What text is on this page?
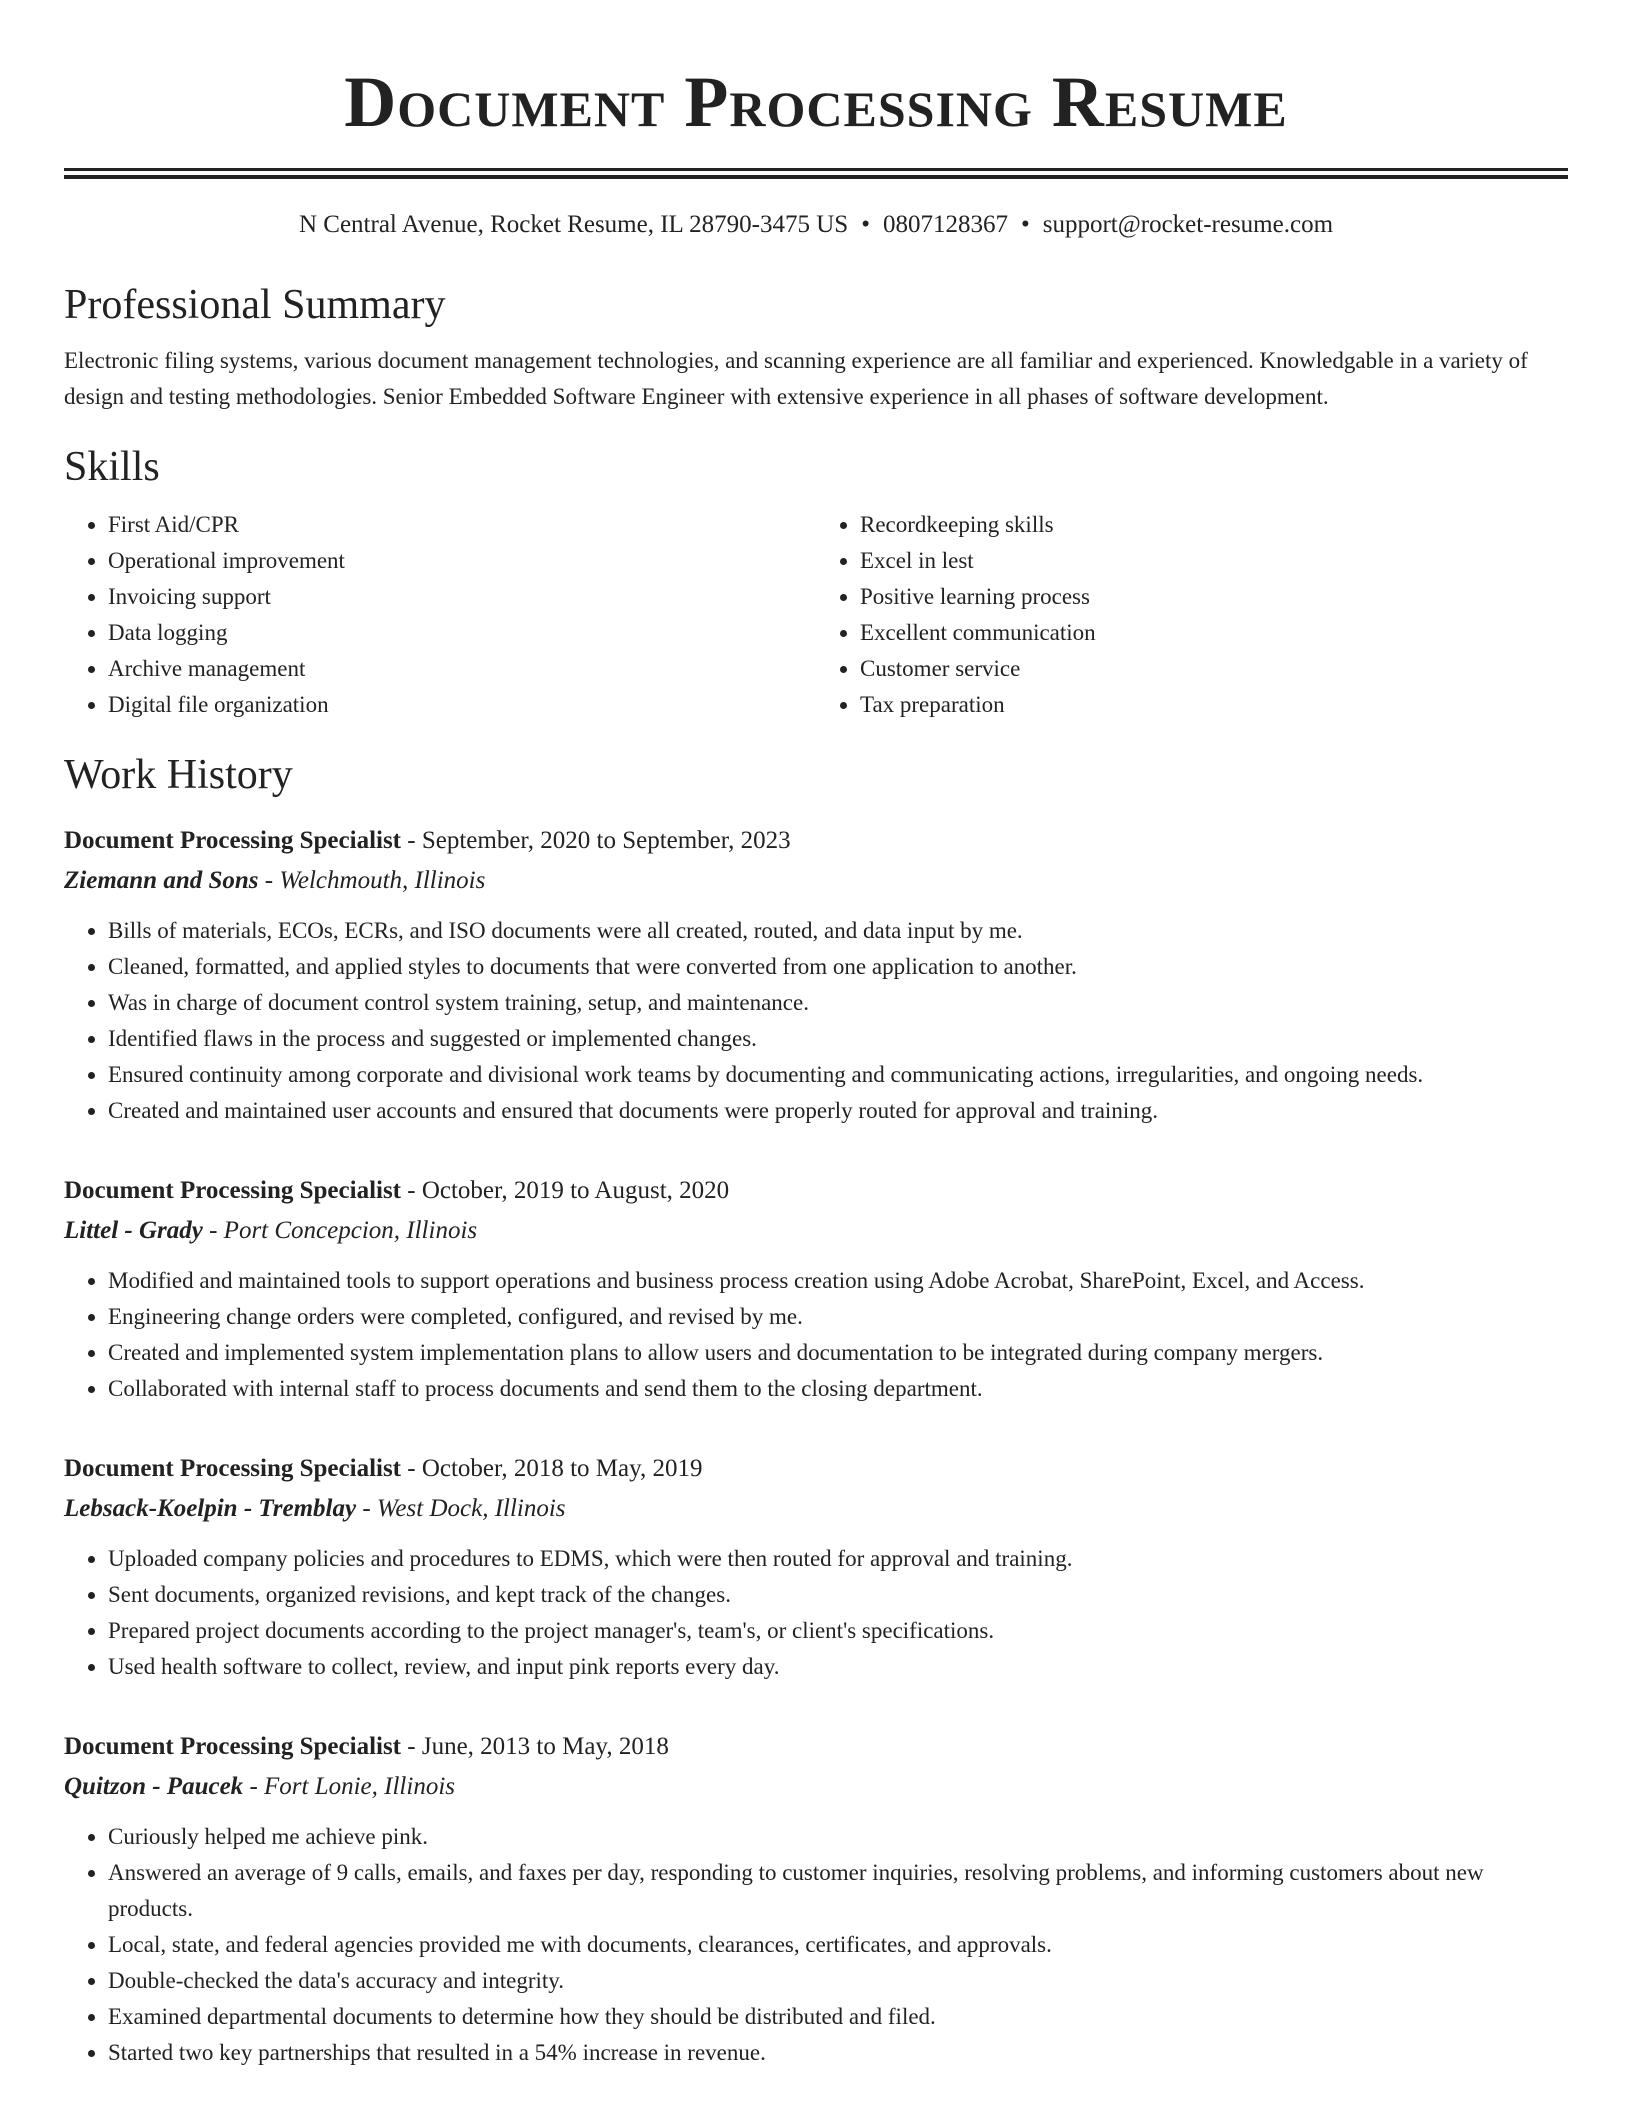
Document Processing Resume
N Central Avenue, Rocket Resume, IL 28790-3475 US • 0807128367 • support@rocket-resume.com
Professional Summary

Electronic filing systems, various document management technologies, and scanning experience are all familiar and experienced. Knowledgable in a variety of design and testing methodologies. Senior Embedded Software Engineer with extensive experience in all phases of software development.

Skills
• First Aid/CPR
• Operational improvement
• Invoicing support
• Data logging
• Archive management
• Digital file organization
• Recordkeeping skills
• Excel in lest
• Positive learning process
• Excellent communication
• Customer service
• Tax preparation
Work History
Document Processing Specialist - September, 2020 to September, 2023
Ziemann and Sons - Welchmouth, Illinois
• Bills of materials, ECOs, ECRs, and ISO documents were all created, routed, and data input by me.
• Cleaned, formatted, and applied styles to documents that were converted from one application to another.
• Was in charge of document control system training, setup, and maintenance.
• Identified flaws in the process and suggested or implemented changes.
• Ensured continuity among corporate and divisional work teams by documenting and communicating actions, irregularities, and ongoing needs.
• Created and maintained user accounts and ensured that documents were properly routed for approval and training.
Document Processing Specialist - October, 2019 to August, 2020
Littel - Grady - Port Concepcion, Illinois
• Modified and maintained tools to support operations and business process creation using Adobe Acrobat, SharePoint, Excel, and Access.
• Engineering change orders were completed, configured, and revised by me.
• Created and implemented system implementation plans to allow users and documentation to be integrated during company mergers.
• Collaborated with internal staff to process documents and send them to the closing department.
Document Processing Specialist - October, 2018 to May, 2019
Lebsack-Koelpin - Tremblay - West Dock, Illinois
• Uploaded company policies and procedures to EDMS, which were then routed for approval and training.
• Sent documents, organized revisions, and kept track of the changes.
• Prepared project documents according to the project manager's, team's, or client's specifications.
• Used health software to collect, review, and input pink reports every day.
Document Processing Specialist - June, 2013 to May, 2018
Quitzon - Paucek - Fort Lonie, Illinois
• Curiously helped me achieve pink.
• Answered an average of 9 calls, emails, and faxes per day, responding to customer inquiries, resolving problems, and informing customers about new products.
• Local, state, and federal agencies provided me with documents, clearances, certificates, and approvals.
• Double-checked the data's accuracy and integrity.
• Examined departmental documents to determine how they should be distributed and filed.
• Started two key partnerships that resulted in a 54% increase in revenue.
